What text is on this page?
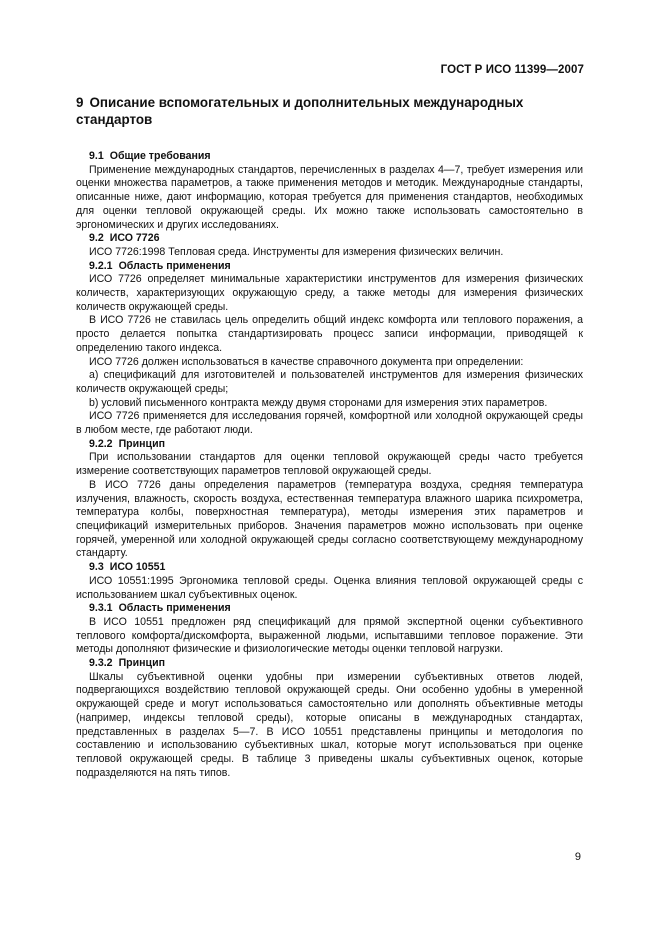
ГОСТ Р ИСО 11399—2007
9 Описание вспомогательных и дополнительных международных
стандартов
9.1 Общие требования

Применение международных стандартов, перечисленных в разделах 4—7, требует измерения или оценки множества параметров, а также применения методов и методик. Международные стандарты, описанные ниже, дают информацию, которая требуется для применения стандартов, необходимых для оценки тепловой окружающей среды. Их можно также использовать самостоятельно в эргономических и других исследованиях.

9.2 ИСО 7726

ИСО 7726:1998 Тепловая среда. Инструменты для измерения физических величин.

9.2.1 Область применения

ИСО 7726 определяет минимальные характеристики инструментов для измерения физических количеств, характеризующих окружающую среду, а также методы для измерения физических количеств окружающей среды.

В ИСО 7726 не ставилась цель определить общий индекс комфорта или теплового поражения, а просто делается попытка стандартизировать процесс записи информации, приводящей к определению такого индекса.

ИСО 7726 должен использоваться в качестве справочного документа при определении:

а) спецификаций для изготовителей и пользователей инструментов для измерения физических количеств окружающей среды;

b) условий письменного контракта между двумя сторонами для измерения этих параметров.

ИСО 7726 применяется для исследования горячей, комфортной или холодной окружающей среды в любом месте, где работают люди.

9.2.2 Принцип

При использовании стандартов для оценки тепловой окружающей среды часто требуется измерение соответствующих параметров тепловой окружающей среды.

В ИСО 7726 даны определения параметров (температура воздуха, средняя температура излучения, влажность, скорость воздуха, естественная температура влажного шарика психрометра, температура колбы, поверхностная температура), методы измерения этих параметров и спецификаций измерительных приборов. Значения параметров можно использовать при оценке горячей, умеренной или холодной окружающей среды согласно соответствующему международному стандарту.

9.3 ИСО 10551

ИСО 10551:1995 Эргономика тепловой среды. Оценка влияния тепловой окружающей среды с использованием шкал субъективных оценок.

9.3.1 Область применения

В ИСО 10551 предложен ряд спецификаций для прямой экспертной оценки субъективного теплового комфорта/дискомфорта, выраженной людьми, испытавшими тепловое поражение. Эти методы дополняют физические и физиологические методы оценки тепловой нагрузки.

9.3.2 Принцип

Шкалы субъективной оценки удобны при измерении субъективных ответов людей, подвергающихся воздействию тепловой окружающей среды. Они особенно удобны в умеренной окружающей среде и могут использоваться самостоятельно или дополнять объективные методы (например, индексы тепловой среды), которые описаны в международных стандартах, представленных в разделах 5—7. В ИСО 10551 представлены принципы и методология по составлению и использованию субъективных шкал, которые могут использоваться при оценке тепловой окружающей среды. В таблице 3 приведены шкалы субъективных оценок, которые подразделяются на пять типов.

9
